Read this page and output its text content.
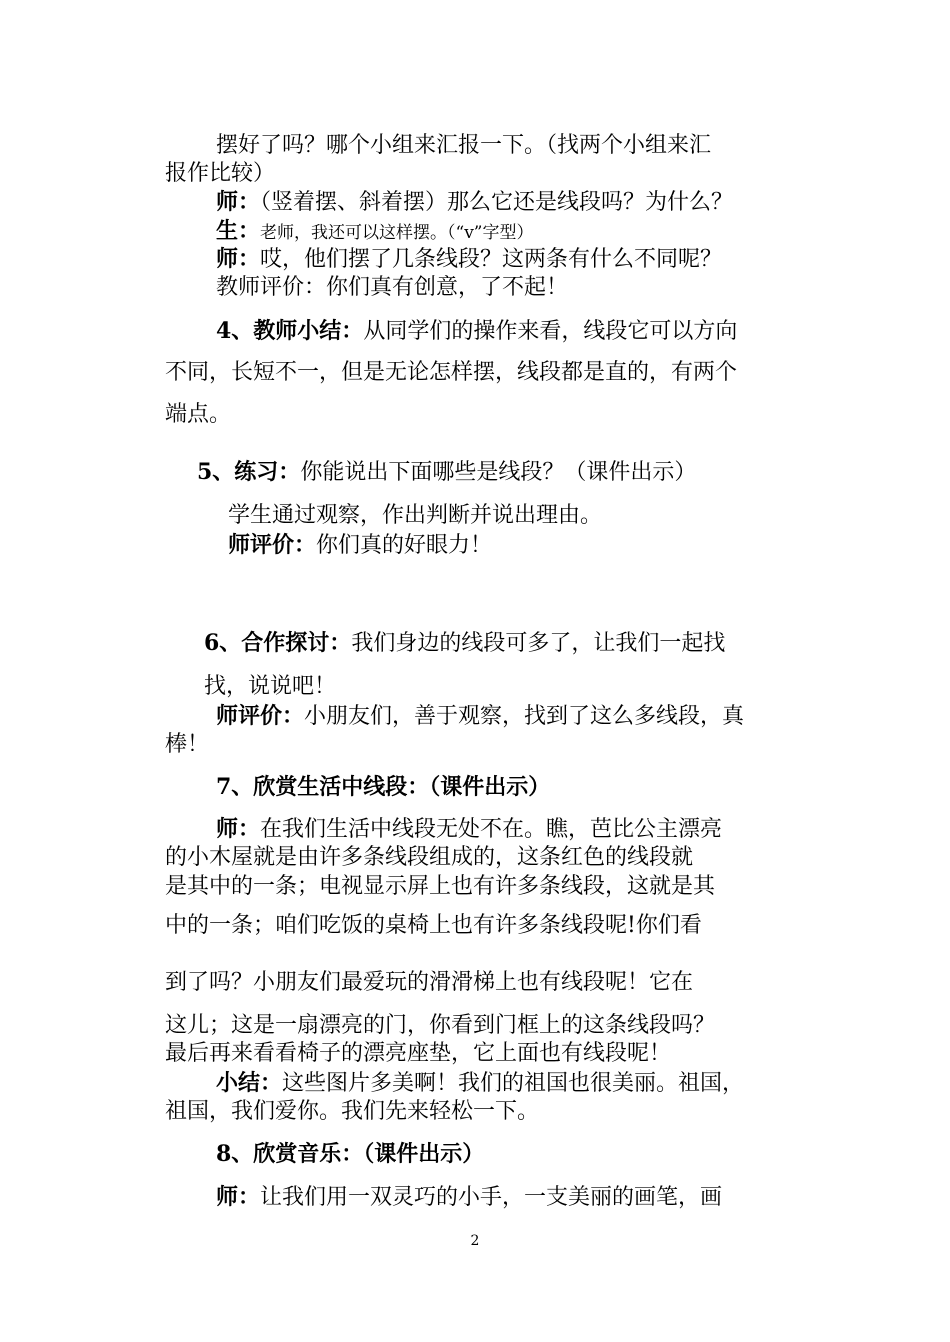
摆好了吗？哪个小组来汇报一下。（找两个小组来汇
报作比较）
师：（竖着摆、斜着摆）那么它还是线段吗？为什么？
生：老师，我还可以这样摆。（“v”字型）
师：哎，他们摆了几条线段？这两条有什么不同呢？
教师评价：你们真有创意，了不起！
4、教师小结：从同学们的操作来看，线段它可以方向
不同，长短不一，但是无论怎样摆，线段都是直的，有两个
端点。
5、练习：你能说出下面哪些是线段？（课件出示）
学生通过观察，作出判断并说出理由。
师评价：你们真的好眼力！
6、合作探讨：我们身边的线段可多了，让我们一起找
找，说说吧！
师评价：小朋友们，善于观察，找到了这么多线段，真
棒！
7、欣赏生活中线段：（课件出示）
师：在我们生活中线段无处不在。瞧，芭比公主漂亮
的小木屋就是由许多条线段组成的，这条红色的线段就
是其中的一条；电视显示屏上也有许多条线段，这就是其
中的一条；咱们吃饭的桌椅上也有许多条线段呢!你们看
到了吗？小朋友们最爱玩的滑滑梯上也有线段呢！它在
这儿；这是一扇漂亮的门，你看到门框上的这条线段吗？
最后再来看看椅子的漂亮座垫，它上面也有线段呢！
小结：这些图片多美啊！我们的祖国也很美丽。祖国，
祖国，我们爱你。我们先来轻松一下。
8、欣赏音乐：（课件出示）
师：让我们用一双灵巧的小手，一支美丽的画笔，画
2
